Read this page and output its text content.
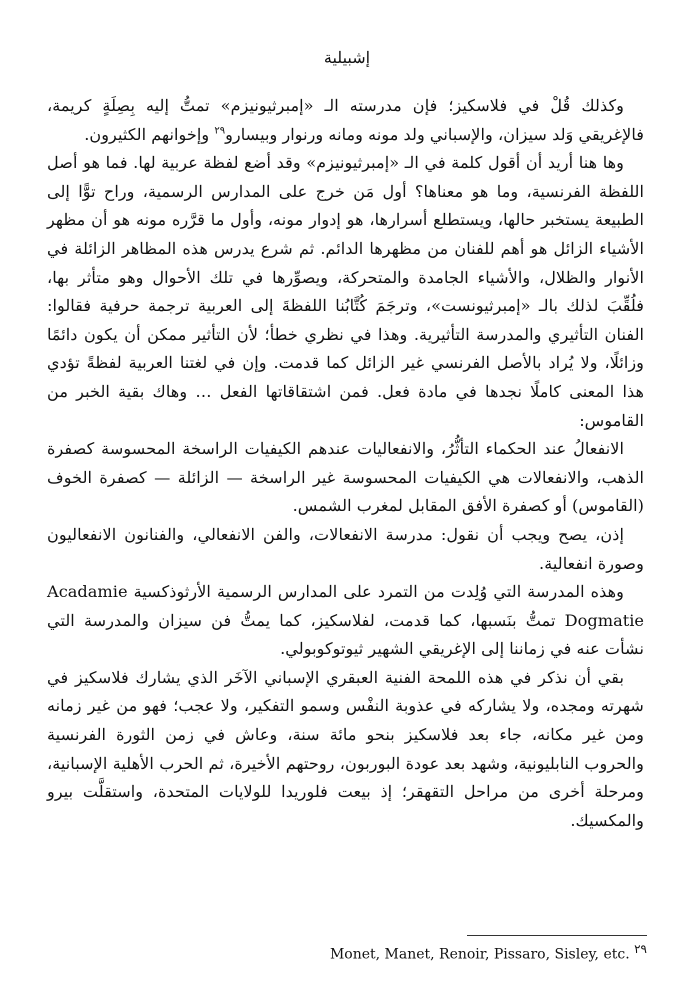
إشبيلية

وكذلك قُلْ في فلاسكيز؛ فإن مدرسته الـ «إمبرثيونيزم» تمتُّ إليه بِصِلَةٍ كريمة، فالإغريقي وَلد سيزان، والإسباني ولد مونه ومانه ورنوار وبيسارو$^{٢٩}$ وإخوانهم الكثيرون.

وها هنا أريد أن أقول كلمة في الـ «إمبرثيونيزم» وقد أضع لفظة عربية لها. فما هو أصل اللفظة الفرنسية، وما هو معناها؟ أول مَن خرج على المدارس الرسمية، وراح توًّا إلى الطبيعة يستخبر حالها، ويستطلع أسرارها، هو إدوار مونه، وأول ما قرَّره مونه هو أن مظهر الأشياء الزائل هو أهم للفنان من مظهرها الدائم. ثم شرع يدرس هذه المظاهر الزائلة في الأنوار والظلال، والأشياء الجامدة والمتحركة، ويصوِّرها في تلك الأحوال وهو متأثر بها، فلُقِّبَ لذلك بالـ «إمبرثيونست»، وترجَمَ كُتَّابُنا اللفظةَ إلى العربية ترجمة حرفية فقالوا: الفنان التأثيري والمدرسة التأثيرية. وهذا في نظري خطأ؛ لأن التأثير ممكن أن يكون دائمًا وزائلًا، ولا يُراد بالأصل الفرنسي غير الزائل كما قدمت. وإن في لغتنا العربية لفظةً تؤدي هذا المعنى كاملًا نجدها في مادة فعل. فمن اشتقاقاتها الفعل … وهاك بقية الخبر من القاموس:

الانفعالُ عند الحكماء التأثُّرُ، والانفعاليات عندهم الكيفيات الراسخة المحسوسة كصفرة الذهب، والانفعالات هي الكيفيات المحسوسة غير الراسخة — الزائلة — كصفرة الخوف (القاموس) أو كصفرة الأفق المقابل لمغرب الشمس.

إذن، يصح ويجب أن نقول: مدرسة الانفعالات، والفن الانفعالي، والفنانون الانفعاليون وصورة انفعالية.

وهذه المدرسة التي وُلِدت من التمرد على المدارس الرسمية الأرثوذكسية Acadamie Dogmatie تمتُّ بنَسبها، كما قدمت، لفلاسكيز، كما يمتُّ فن سيزان والمدرسة التي نشأت عنه في زماننا إلى الإغريقي الشهير ثيوتوكوبولي.

بقي أن نذكر في هذه اللمحة الفنية العبقري الإسباني الآخَر الذي يشارك فلاسكيز في شهرته ومجده، ولا يشاركه في عذوبة النفْس وسمو التفكير، ولا عجب؛ فهو من غير زمانه ومن غير مكانه، جاء بعد فلاسكيز بنحو مائة سنة، وعاش في زمن الثورة الفرنسية والحروب النابليونية، وشهد بعد عودة البوربون، روحتهم الأخيرة، ثم الحرب الأهلية الإسبانية، ومرحلة أخرى من مراحل التقهقر؛ إذ بيعت فلوريدا للولايات المتحدة، واستقلَّت بيرو والمكسيك.

٢٩ Monet, Manet, Renoir, Pissaro, Sisley, etc.
